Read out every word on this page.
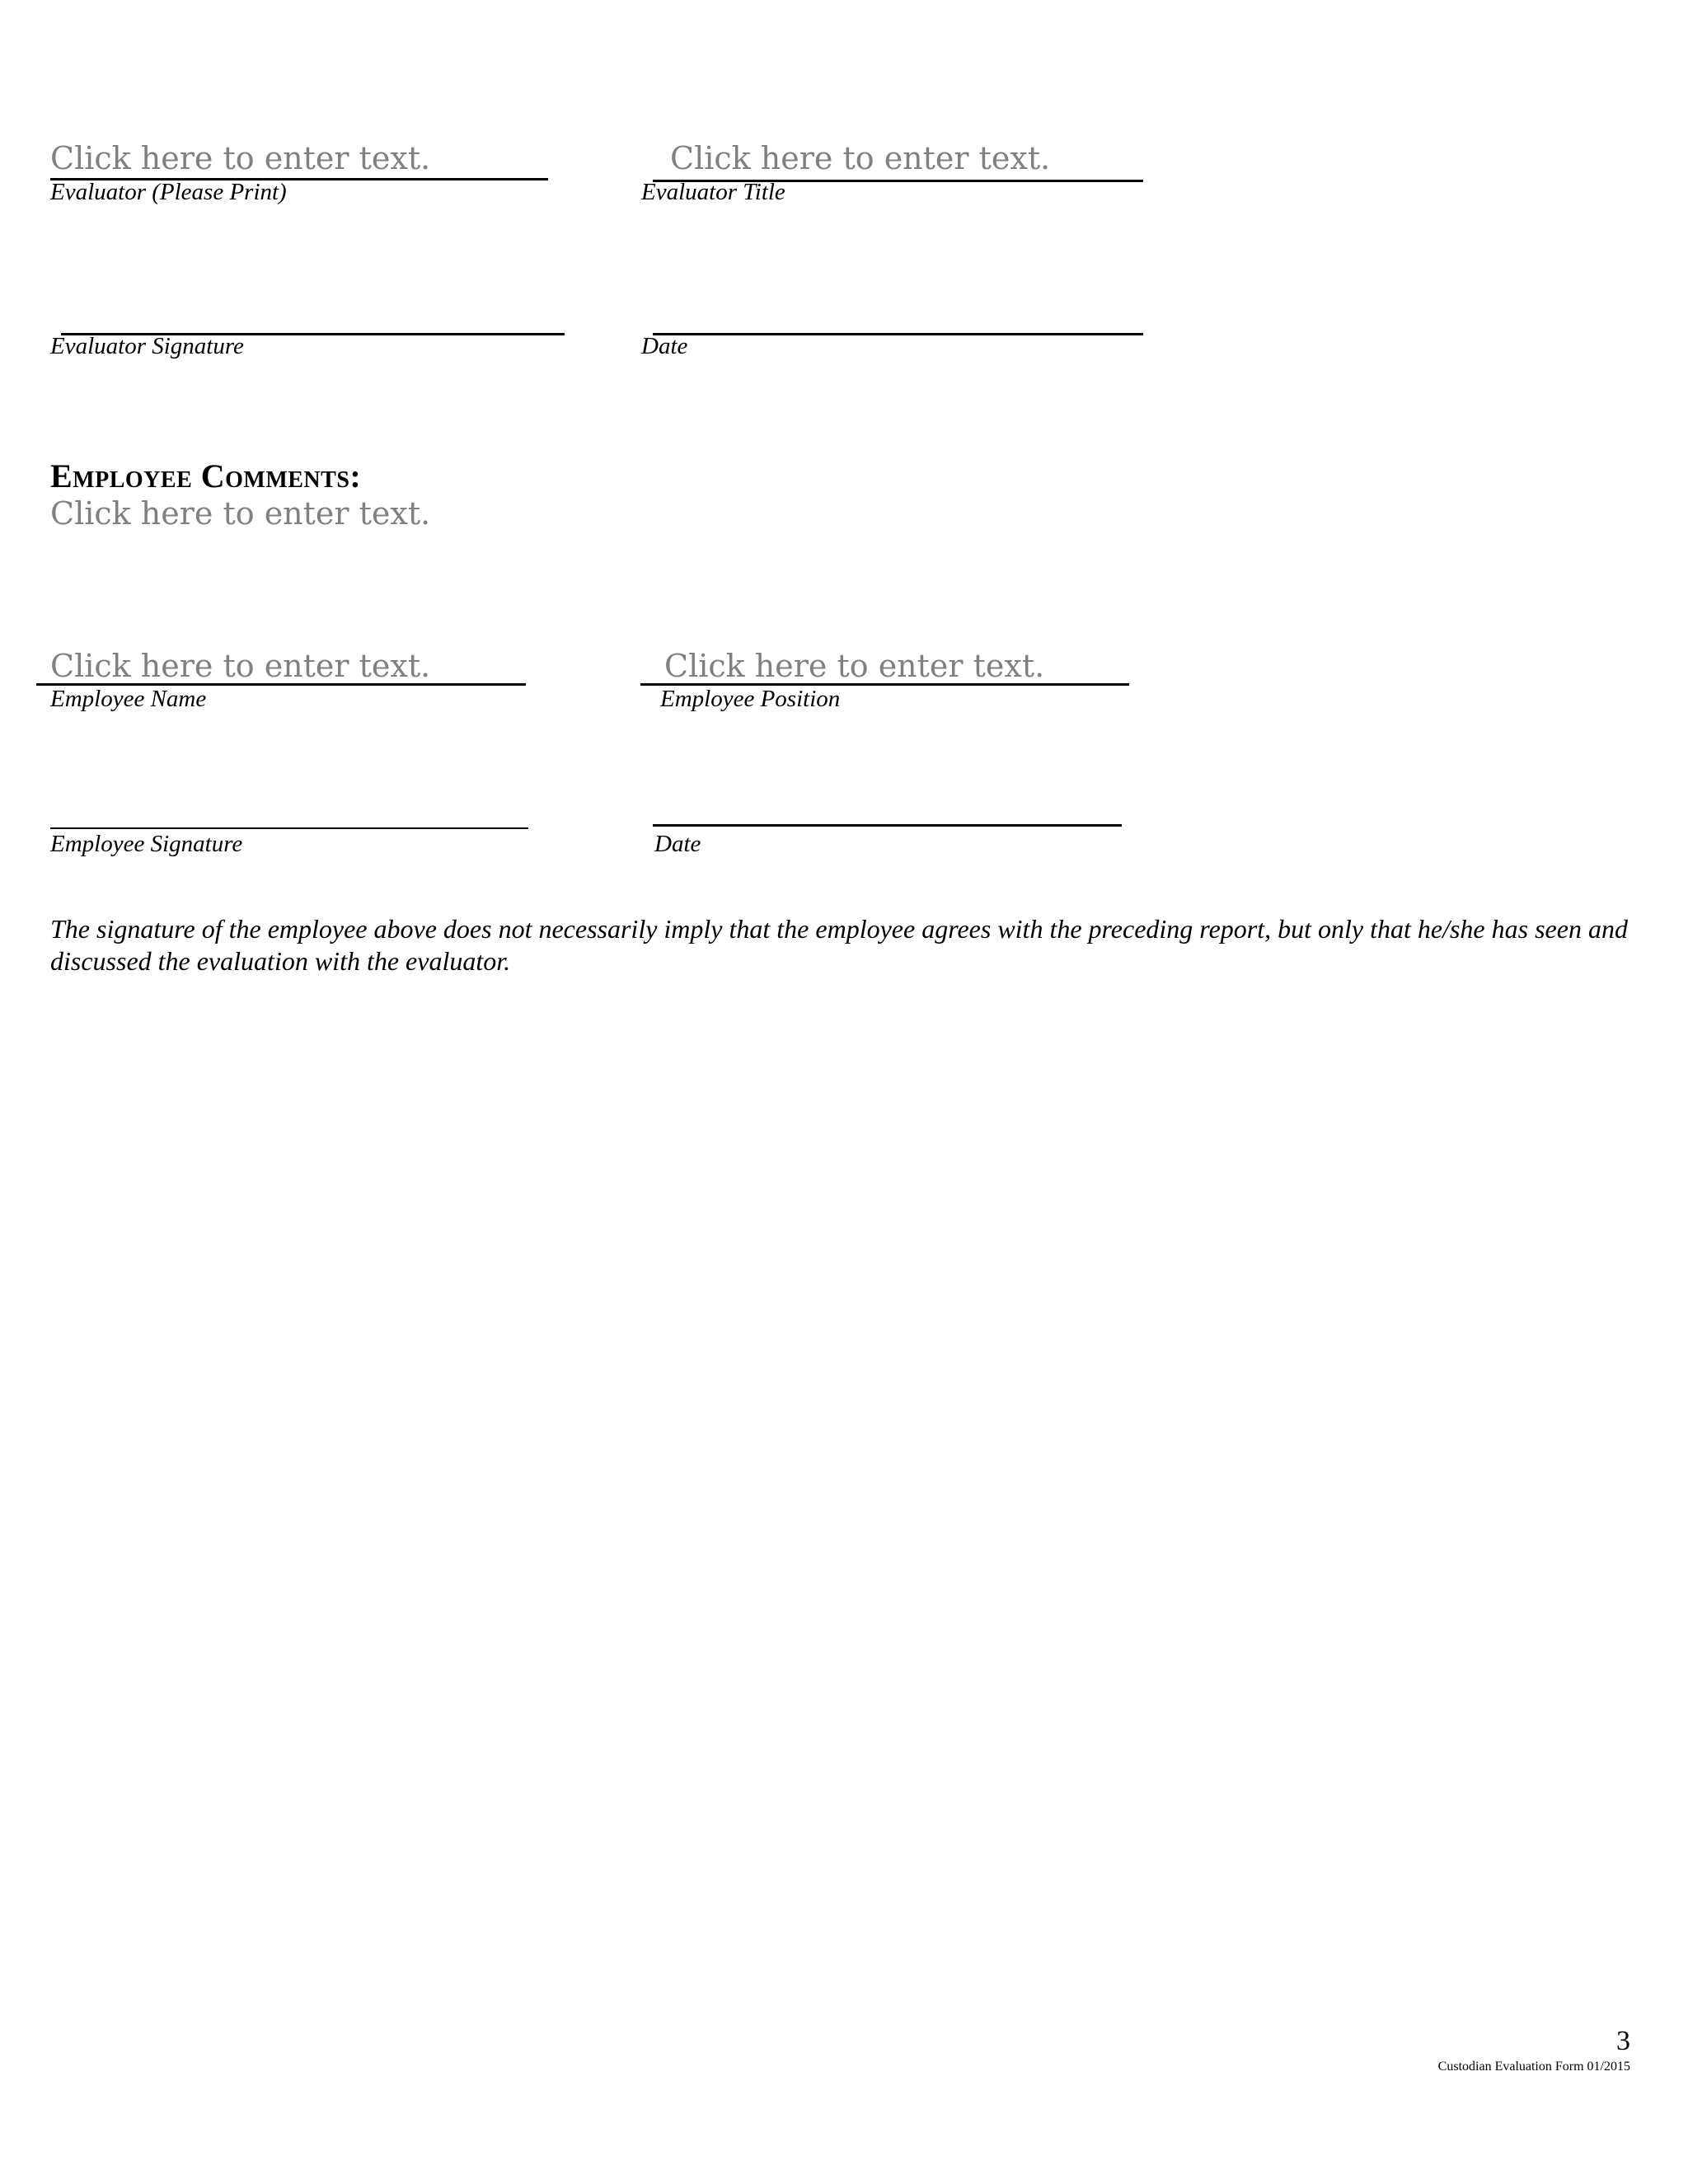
Click here to enter text.
Evaluator (Please Print)
Click here to enter text.
Evaluator Title
Evaluator Signature	Date
Employee Comments:
Click here to enter text.
Click here to enter text.
Employee Name
Click here to enter text.
Employee Position
Employee Signature	Date
The signature of the employee above does not necessarily imply that the employee agrees with the preceding report, but only that he/she has seen and discussed the evaluation with the evaluator.
3
Custodian Evaluation Form 01/2015
